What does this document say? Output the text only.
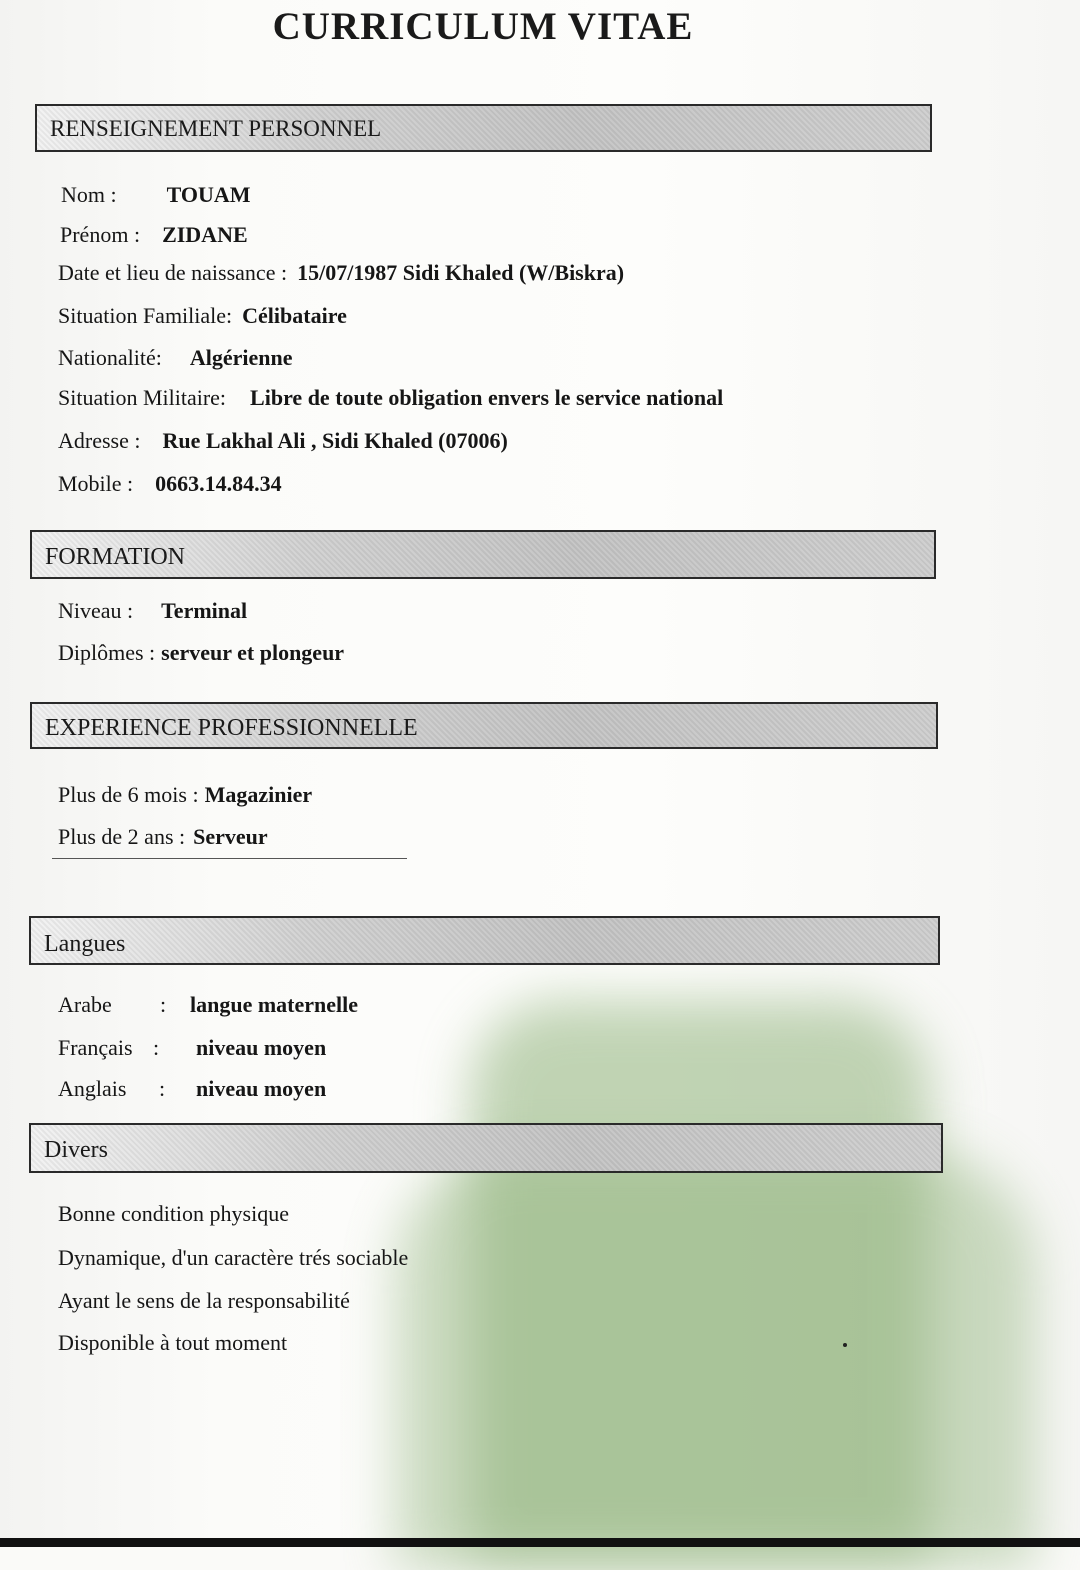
CURRICULUM VITAE
RENSEIGNEMENT PERSONNEL
Nom : TOUAM
Prénom : ZIDANE
Date et lieu de naissance : 15/07/1987 Sidi Khaled (W/Biskra)
Situation Familiale: Célibataire
Nationalité: Algérienne
Situation Militaire: Libre de toute obligation envers le service national
Adresse : Rue Lakhal Ali , Sidi Khaled (07006)
Mobile : 0663.14.84.34
FORMATION
Niveau : Terminal
Diplômes : serveur et plongeur
EXPERIENCE PROFESSIONNELLE
Plus de 6 mois : Magazinier
Plus de 2 ans : Serveur
Langues
Arabe : langue maternelle
Français : niveau moyen
Anglais : niveau moyen
Divers
Bonne condition physique
Dynamique, d'un caractère trés sociable
Ayant le sens de la responsabilité
Disponible à tout moment
